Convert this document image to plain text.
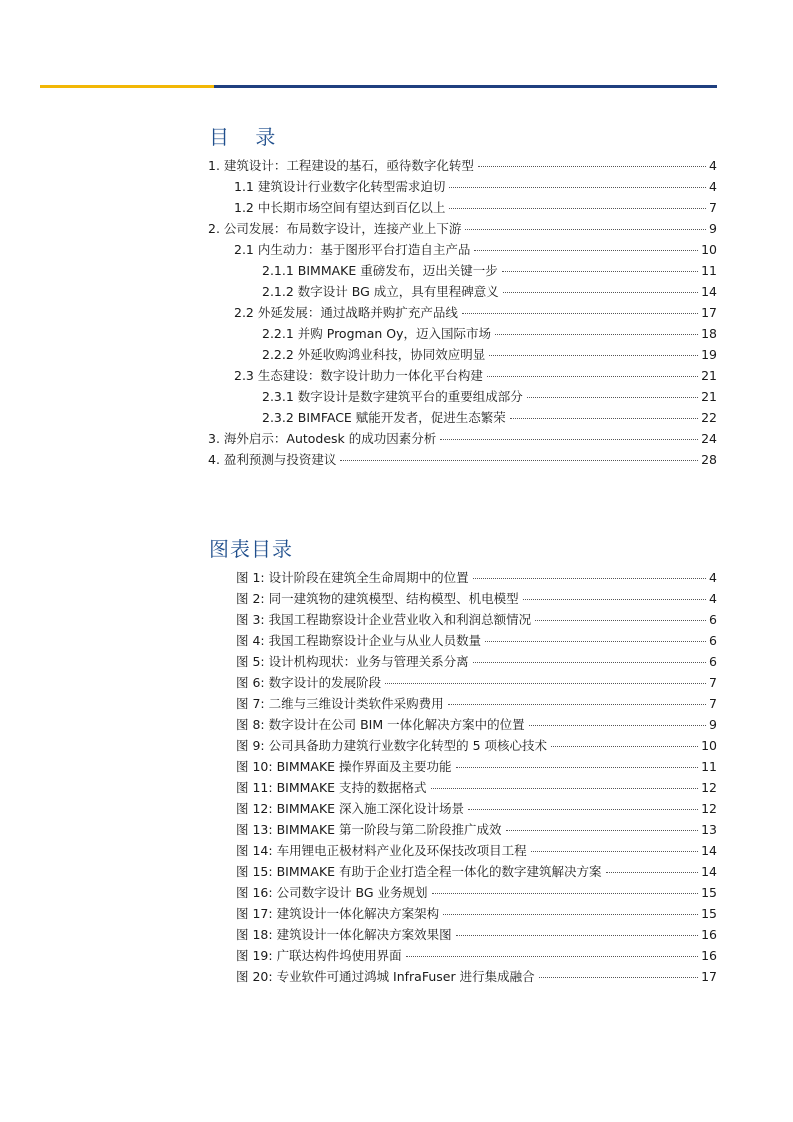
目 录
1. 建筑设计：工程建设的基石，亟待数字化转型	4
1.1 建筑设计行业数字化转型需求迫切	4
1.2 中长期市场空间有望达到百亿以上	7
2. 公司发展：布局数字设计，连接产业上下游	9
2.1 内生动力：基于图形平台打造自主产品	10
2.1.1 BIMMAKE 重磅发布，迈出关键一步	11
2.1.2 数字设计 BG 成立，具有里程碑意义	14
2.2 外延发展：通过战略并购扩充产品线	17
2.2.1 并购 Progman Oy，迈入国际市场	18
2.2.2 外延收购鸿业科技，协同效应明显	19
2.3 生态建设：数字设计助力一体化平台构建	21
2.3.1 数字设计是数字建筑平台的重要组成部分	21
2.3.2 BIMFACE 赋能开发者，促进生态繁荣	22
3. 海外启示：Autodesk 的成功因素分析	24
4. 盈利预测与投资建议	28
图表目录
图 1: 设计阶段在建筑全生命周期中的位置	4
图 2: 同一建筑物的建筑模型、结构模型、机电模型	4
图 3: 我国工程勘察设计企业营业收入和利润总额情况	6
图 4: 我国工程勘察设计企业与从业人员数量	6
图 5: 设计机构现状：业务与管理关系分离	6
图 6: 数字设计的发展阶段	7
图 7: 二维与三维设计类软件采购费用	7
图 8: 数字设计在公司 BIM 一体化解决方案中的位置	9
图 9: 公司具备助力建筑行业数字化转型的 5 项核心技术	10
图 10: BIMMAKE 操作界面及主要功能	11
图 11: BIMMAKE 支持的数据格式	12
图 12: BIMMAKE 深入施工深化设计场景	12
图 13: BIMMAKE 第一阶段与第二阶段推广成效	13
图 14: 车用锂电正极材料产业化及环保技改项目工程	14
图 15: BIMMAKE 有助于企业打造全程一体化的数字建筑解决方案	14
图 16: 公司数字设计 BG 业务规划	15
图 17: 建筑设计一体化解决方案架构	15
图 18: 建筑设计一体化解决方案效果图	16
图 19: 广联达构件坞使用界面	16
图 20: 专业软件可通过鸿城 InfraFuser 进行集成融合	17
